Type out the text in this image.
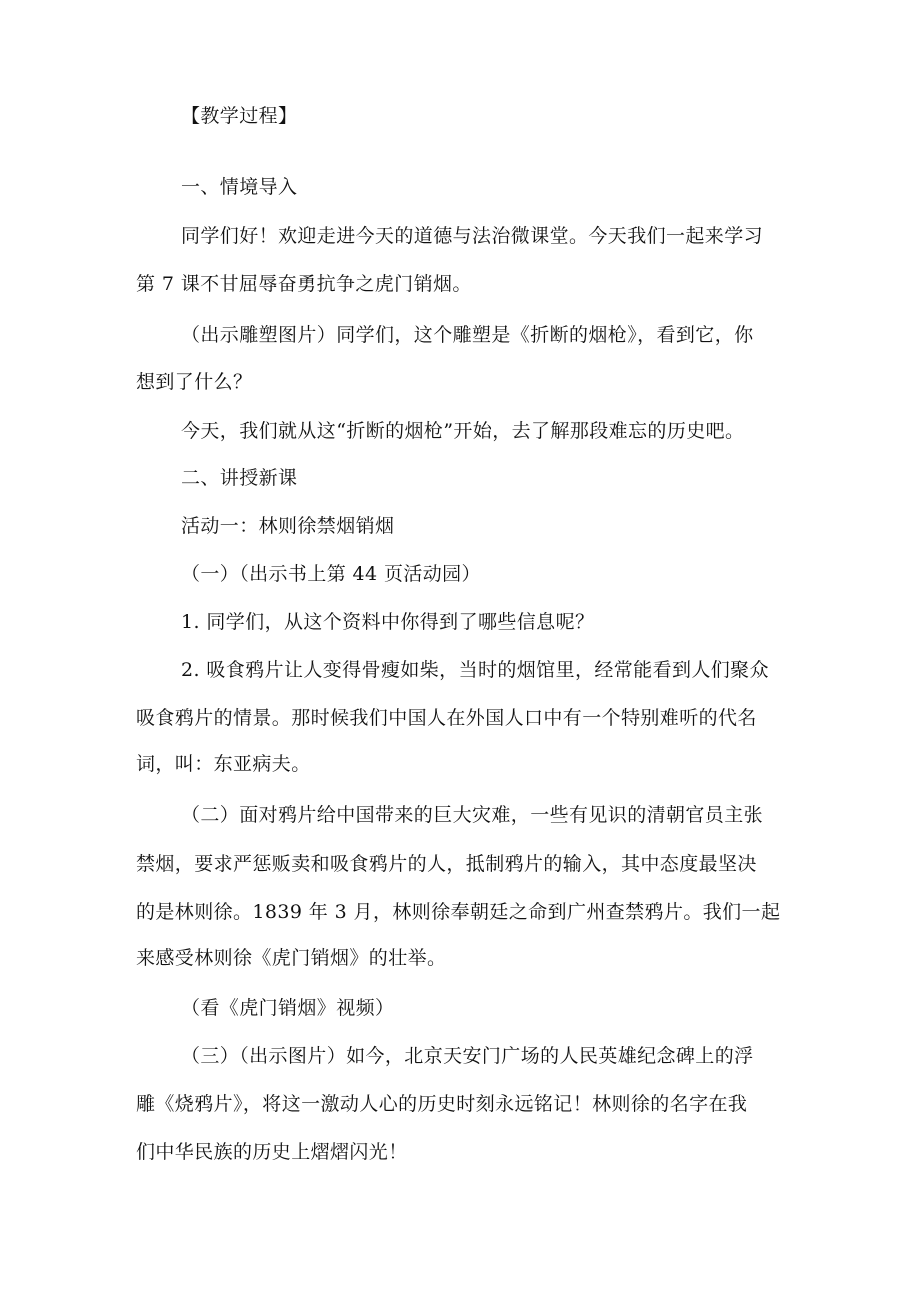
【教学过程】
一、情境导入
同学们好！欢迎走进今天的道德与法治微课堂。今天我们一起来学习
第 7 课不甘屈辱奋勇抗争之虎门销烟。
（出示雕塑图片）同学们，这个雕塑是《折断的烟枪》，看到它，你
想到了什么？
今天，我们就从这“折断的烟枪”开始，去了解那段难忘的历史吧。
二、讲授新课
活动一：林则徐禁烟销烟
（一）（出示书上第 44 页活动园）
1. 同学们，从这个资料中你得到了哪些信息呢？
2. 吸食鸦片让人变得骨瘦如柴，当时的烟馆里，经常能看到人们聚众
吸食鸦片的情景。那时候我们中国人在外国人口中有一个特别难听的代名
词，叫：东亚病夫。
（二）面对鸦片给中国带来的巨大灾难，一些有见识的清朝官员主张
禁烟，要求严惩贩卖和吸食鸦片的人，抵制鸦片的输入，其中态度最坚决
的是林则徐。1839 年 3 月，林则徐奉朝廷之命到广州查禁鸦片。我们一起
来感受林则徐《虎门销烟》的壮举。
（看《虎门销烟》视频）
（三）（出示图片）如今，北京天安门广场的人民英雄纪念碑上的浮
雕《烧鸦片》，将这一激动人心的历史时刻永远铭记！林则徐的名字在我
们中华民族的历史上熠熠闪光！
